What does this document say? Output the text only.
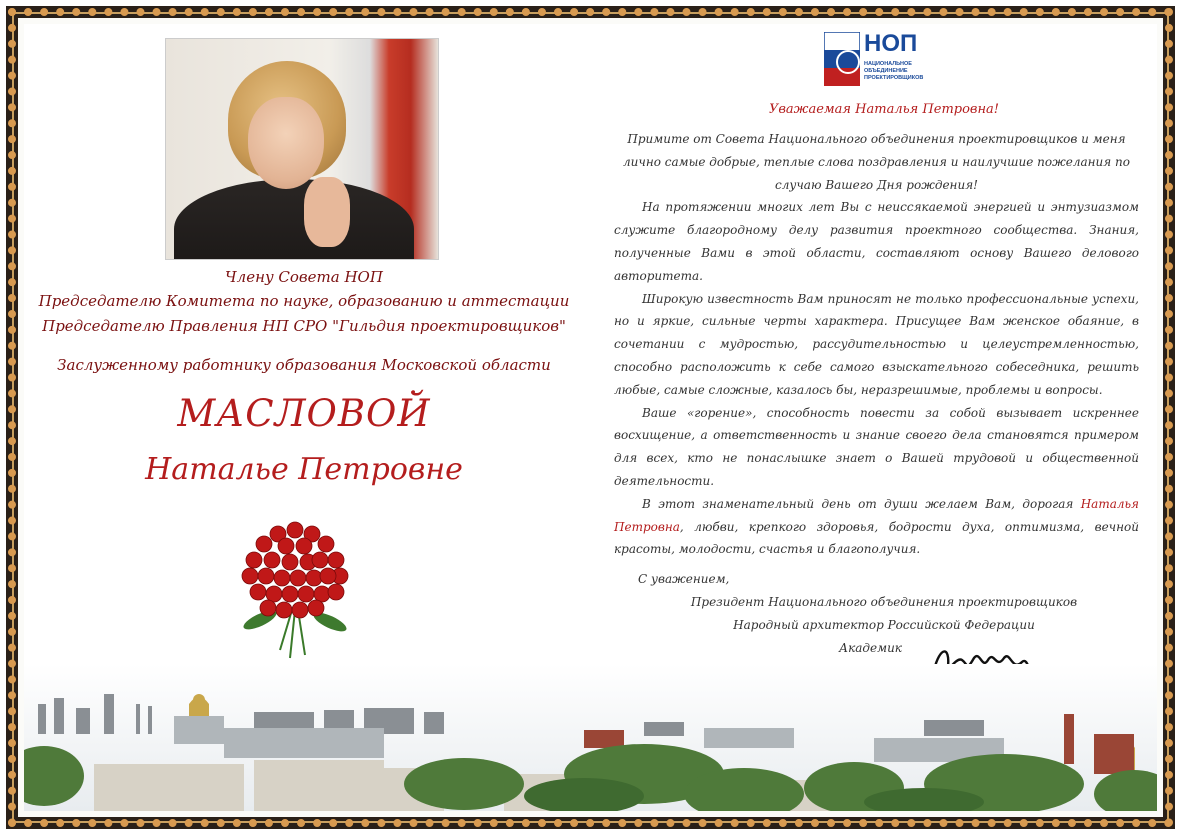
Члену Совета НОП
Председателю Комитета по науке, образованию и аттестации
Председателю Правления НП СРО "Гильдия проектировщиков"
Заслуженному работнику образования Московской области
МАСЛОВОЙ
Наталье Петровне
НОП
НАЦИОНАЛЬНОЕ ОБЪЕДИНЕНИЕ ПРОЕКТИРОВЩИКОВ
Уважаемая Наталья Петровна!

Примите от Совета Национального объединения проектировщиков и меня лично самые добрые, теплые слова поздравления и наилучшие пожелания по случаю Вашего Дня рождения!

На протяжении многих лет Вы с неиссякаемой энергией и энтузиазмом служите благородному делу развития проектного сообщества. Знания, полученные Вами в этой области, составляют основу Вашего делового авторитета.

Широкую известность Вам приносят не только профессиональные успехи, но и яркие, сильные черты характера. Присущее Вам женское обаяние, в сочетании с мудростью, рассудительностью и целеустремленностью, способно расположить к себе самого взыскательного собеседника, решить любые, самые сложные, казалось бы, неразрешимые, проблемы и вопросы.

Ваше «горение», способность повести за собой вызывает искреннее восхищение, а ответственность и знание своего дела становятся примером для всех, кто не понаслышке знает о Вашей трудовой и общественной деятельности.

В этот знаменательный день от души желаем Вам, дорогая Наталья Петровна, любви, крепкого здоровья, бодрости духа, оптимизма, вечной красоты, молодости, счастья и благополучия.

С уважением,
Президент Национального объединения проектировщиков
Народный архитектор Российской Федерации
Академик
